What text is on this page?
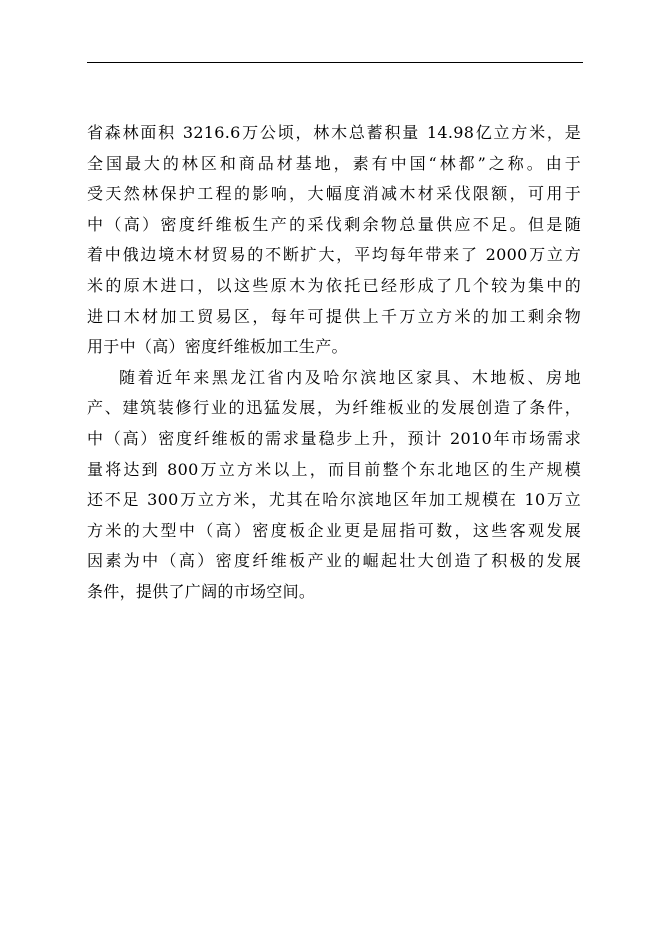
省森林面积 3216.6万公顷，林木总蓄积量 14.98亿立方米，是
全国最大的林区和商品材基地，素有中国“林都”之称。由于
受天然林保护工程的影响，大幅度消减木材采伐限额，可用于
中（高）密度纤维板生产的采伐剩余物总量供应不足。但是随
着中俄边境木材贸易的不断扩大，平均每年带来了 2000万立方
米的原木进口，以这些原木为依托已经形成了几个较为集中的
进口木材加工贸易区，每年可提供上千万立方米的加工剩余物
用于中（高）密度纤维板加工生产。

随着近年来黑龙江省内及哈尔滨地区家具、木地板、房地
产、建筑装修行业的迅猛发展，为纤维板业的发展创造了条件，
中（高）密度纤维板的需求量稳步上升，预计 2010年市场需求
量将达到 800万立方米以上，而目前整个东北地区的生产规模
还不足 300万立方米，尤其在哈尔滨地区年加工规模在 10万立
方米的大型中（高）密度板企业更是屈指可数，这些客观发展
因素为中（高）密度纤维板产业的崛起壮大创造了积极的发展
条件，提供了广阔的市场空间。
